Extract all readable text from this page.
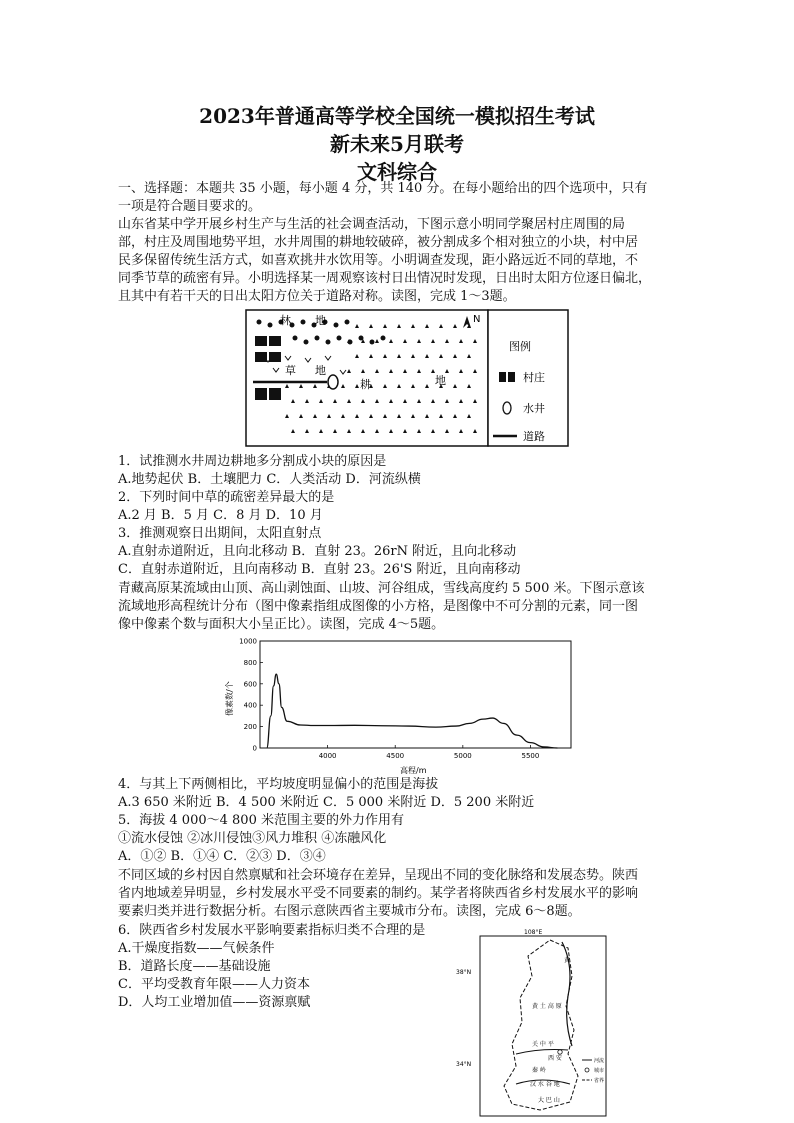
2023年普通高等学校全国统一模拟招生考试
新未来5月联考
文科综合
一、选择题：本题共 35 小题，每小题 4 分，共 140 分。在每小题给出的四个选项中，只有
一项是符合题目要求的。
山东省某中学开展乡村生产与生活的社会调查活动，下图示意小明同学聚居村庄周围的局
部，村庄及周围地势平坦，水井周围的耕地较破碎，被分割成多个相对独立的小块，村中居
民多保留传统生活方式，如喜欢挑井水饮用等。小明调查发现，距小路远近不同的草地，不
同季节草的疏密有异。小明选择某一周观察该村日出情况时发现，日出时太阳方位逐日偏北，
且其中有若干天的日出太阳方位关于道路对称。读图，完成 1～3题。
林 地
草 地
耕	地
N
图例
村庄
水井
道路
1．试推测水井周边耕地多分割成小块的原因是
A.地势起伏 B．土壤肥力 C．人类活动 D．河流纵横
2．下列时间中草的疏密差异最大的是
A.2 月 B．5 月 C．8 月 D．10 月
3．推测观察日出期间，太阳直射点
A.直射赤道附近，且向北移动 B．直射 23。26rN 附近，且向北移动
C．直射赤道附近，且向南移动 B．直射 23。26'S 附近，且向南移动
青藏高原某流域由山顶、高山剥蚀面、山坡、河谷组成，雪线高度约 5 500 米。下图示意该
流域地形高程统计分布（图中像素指组成图像的小方格，是图像中不可分割的元素，同一图
像中像素个数与面积大小呈正比）。读图，完成 4～5题。
0
200
400
600
800
1000
4000	4500	5000	5500
像素数/个
高程/m
4．与其上下两侧相比，平均坡度明显偏小的范围是海拔
A.3 650 米附近 B．4 500 米附近 C．5 000 米附近 D．5 200 米附近
5．海拔 4 000～4 800 米范围主要的外力作用有
①流水侵蚀 ②冰川侵蚀③风力堆积 ④冻融风化
A．①② B．①④ C．②③ D．③④
不同区域的乡村因自然禀赋和社会环境存在差异，呈现出不同的变化脉络和发展态势。陕西
省内地域差异明显，乡村发展水平受不同要素的制约。某学者将陕西省乡村发展水平的影响
要素归类并进行数据分析。右图示意陕西省主要城市分布。读图，完成 6～8题。
6．陕西省乡村发展水平影响要素指标归类不合理的是
A.干燥度指数——气候条件
B．道路长度——基础设施
C．平均受教育年限——人力资本
D．人均工业增加值——资源禀赋
108°E
38°N
34°N
黄
黄 土 高 原
关 中 平
西 安
秦 岭
汉 水 谷 地
大 巴 山
河流
城市
省界
